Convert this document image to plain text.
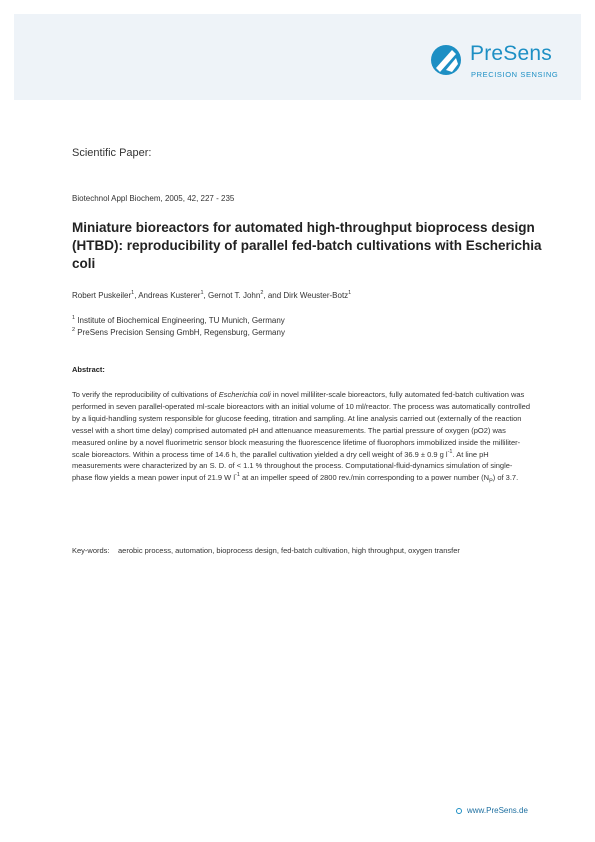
PreSens
PRECISION SENSING
Scientific Paper:
Biotechnol Appl Biochem, 2005, 42, 227 - 235
Miniature bioreactors for automated high-throughput bioprocess design (HTBD): reproducibility of parallel fed-batch cultivations with Escherichia coli
Robert Puskeiler$^1$, Andreas Kusterer$^1$, Gernot T. John$^2$, and Dirk Weuster-Botz$^1$
$^1$ Institute of Biochemical Engineering, TU Munich, Germany
$^2$ PreSens Precision Sensing GmbH, Regensburg, Germany
Abstract:

To verify the reproducibility of cultivations of Escherichia coli in novel milliliter-scale bioreactors, fully automated fed-batch cultivation was performed in seven parallel-operated ml-scale bioreactors with an initial volume of 10 ml/reactor. The process was automatically controlled by a liquid-handling system responsible for glucose feeding, titration and sampling. At line analysis carried out (externally of the reaction vessel with a short time delay) comprised automated pH and attenuance measurements. The partial pressure of oxygen (pO2) was measured online by a novel fluorimetric sensor block measuring the fluorescence lifetime of fluorophors immobilized inside the milliliter-scale bioreactors. Within a process time of 14.6 h, the parallel cultivation yielded a dry cell weight of 36.9 ± 0.9 g $l^{-1}$. At line pH measurements were characterized by an S. D. of < 1.1 % throughout the process. Computational-fluid-dynamics simulation of single-phase flow yields a mean power input of 21.9 W $l^{-1}$ at an impeller speed of 2800 rev./min corresponding to a power number $(N_P)$ of 3.7.

Key-words: aerobic process, automation, bioprocess design, fed-batch cultivation, high throughput, oxygen transfer
www.PreSens.de
